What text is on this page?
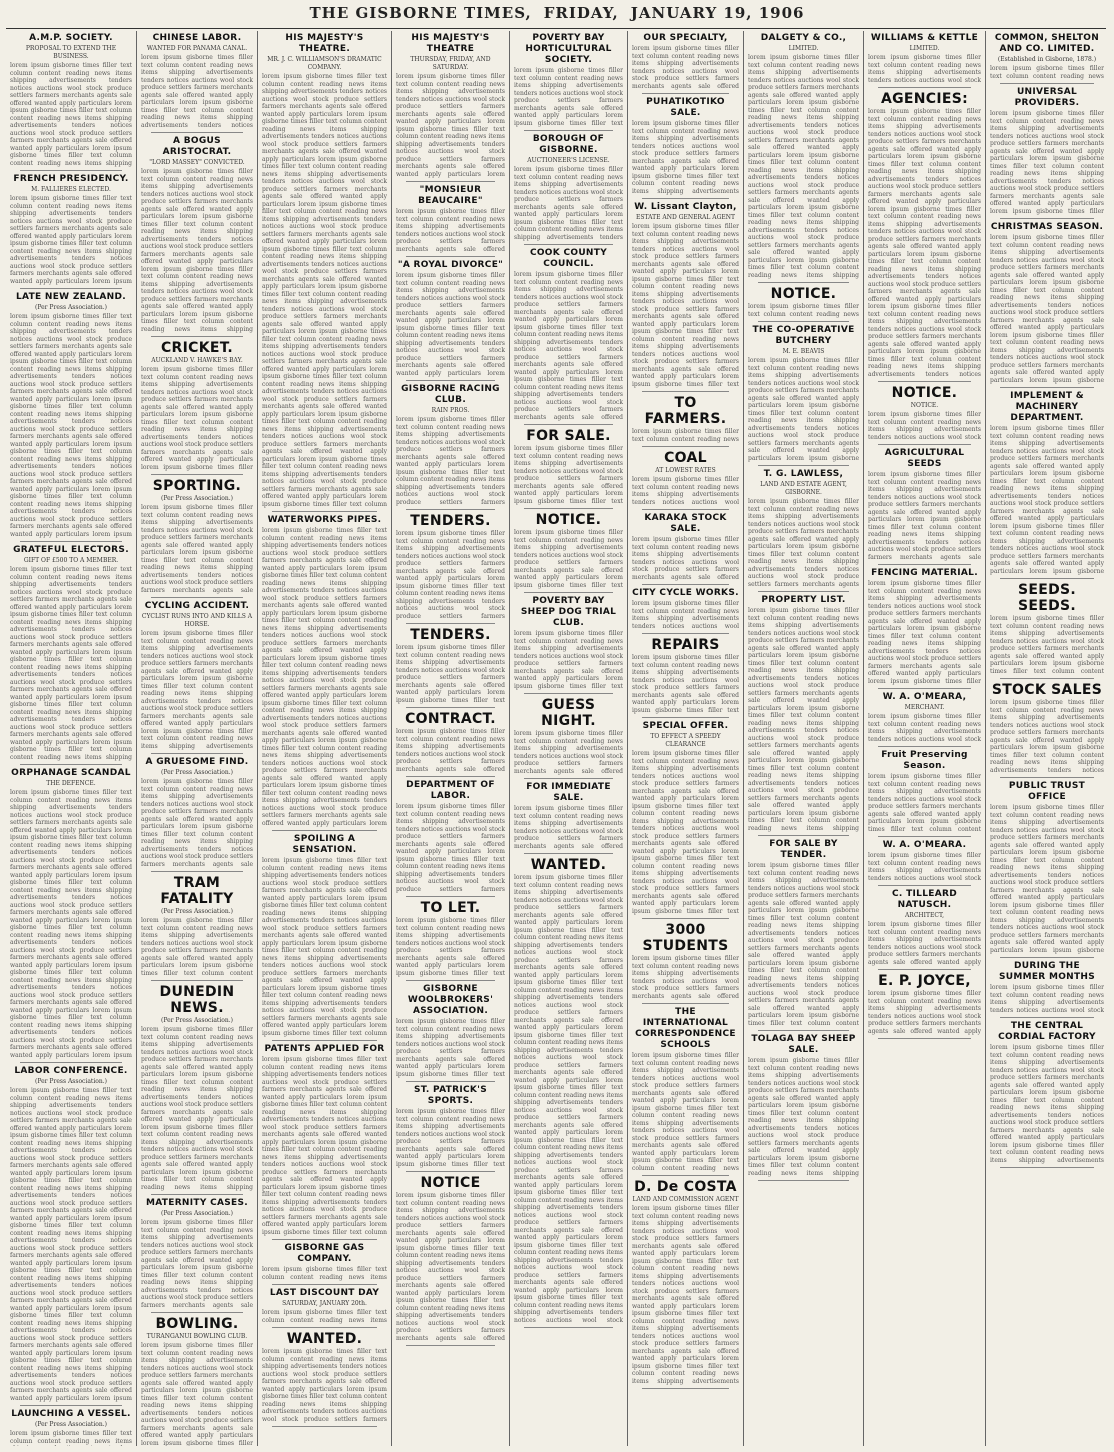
THE GISBORNE TIMES, FRIDAY, JANUARY 19, 1906
A.M.P. SOCIETY.
PROPOSAL TO EXTEND THE BUSINESS.
lorem ipsum gisborne times filler text column content reading news items shipping advertisements tenders notices auctions wool stock produce settlers farmers merchants agents sale offered wanted apply particulars lorem ipsum gisborne times filler text column content reading news items shipping advertisements tenders notices auctions wool stock produce settlers farmers merchants agents sale offered wanted apply particulars lorem ipsum gisborne times filler text column content reading news items shipping
FRENCH PRESIDENCY.
M. FALLIERES ELECTED.
lorem ipsum gisborne times filler text column content reading news items shipping advertisements tenders notices auctions wool stock produce settlers farmers merchants agents sale offered wanted apply particulars lorem ipsum gisborne times filler text column content reading news items shipping advertisements tenders notices auctions wool stock produce settlers farmers merchants agents sale offered wanted apply particulars lorem ipsum
LATE NEW ZEALAND.
(Per Press Association.)
lorem ipsum gisborne times filler text column content reading news items shipping advertisements tenders notices auctions wool stock produce settlers farmers merchants agents sale offered wanted apply particulars lorem ipsum gisborne times filler text column content reading news items shipping advertisements tenders notices auctions wool stock produce settlers farmers merchants agents sale offered wanted apply particulars lorem ipsum gisborne times filler text column content reading news items shipping advertisements tenders notices auctions wool stock produce settlers farmers merchants agents sale offered wanted apply particulars lorem ipsum gisborne times filler text column content reading news items shipping advertisements tenders notices auctions wool stock produce settlers farmers merchants agents sale offered wanted apply particulars lorem ipsum gisborne times filler text column content reading news items shipping advertisements tenders notices auctions wool stock produce settlers farmers merchants agents sale offered wanted apply particulars lorem ipsum
GRATEFUL ELECTORS.
GIFT OF £500 TO A MEMBER.
lorem ipsum gisborne times filler text column content reading news items shipping advertisements tenders notices auctions wool stock produce settlers farmers merchants agents sale offered wanted apply particulars lorem ipsum gisborne times filler text column content reading news items shipping advertisements tenders notices auctions wool stock produce settlers farmers merchants agents sale offered wanted apply particulars lorem ipsum gisborne times filler text column content reading news items shipping advertisements tenders notices auctions wool stock produce settlers farmers merchants agents sale offered wanted apply particulars lorem ipsum gisborne times filler text column content reading news items shipping advertisements tenders notices auctions wool stock produce settlers farmers merchants agents sale offered wanted apply particulars lorem ipsum gisborne times filler text column content reading news items shipping
ORPHANAGE SCANDAL
THE DEFENCE.
lorem ipsum gisborne times filler text column content reading news items shipping advertisements tenders notices auctions wool stock produce settlers farmers merchants agents sale offered wanted apply particulars lorem ipsum gisborne times filler text column content reading news items shipping advertisements tenders notices auctions wool stock produce settlers farmers merchants agents sale offered wanted apply particulars lorem ipsum gisborne times filler text column content reading news items shipping advertisements tenders notices auctions wool stock produce settlers farmers merchants agents sale offered wanted apply particulars lorem ipsum gisborne times filler text column content reading news items shipping advertisements tenders notices auctions wool stock produce settlers farmers merchants agents sale offered wanted apply particulars lorem ipsum gisborne times filler text column content reading news items shipping advertisements tenders notices auctions wool stock produce settlers farmers merchants agents sale offered wanted apply particulars lorem ipsum gisborne times filler text column content reading news items shipping advertisements tenders notices auctions wool stock produce settlers farmers merchants agents sale offered wanted apply particulars lorem ipsum
LABOR CONFERENCE.
(Per Press Association.)
lorem ipsum gisborne times filler text column content reading news items shipping advertisements tenders notices auctions wool stock produce settlers farmers merchants agents sale offered wanted apply particulars lorem ipsum gisborne times filler text column content reading news items shipping advertisements tenders notices auctions wool stock produce settlers farmers merchants agents sale offered wanted apply particulars lorem ipsum gisborne times filler text column content reading news items shipping advertisements tenders notices auctions wool stock produce settlers farmers merchants agents sale offered wanted apply particulars lorem ipsum gisborne times filler text column content reading news items shipping advertisements tenders notices auctions wool stock produce settlers farmers merchants agents sale offered wanted apply particulars lorem ipsum gisborne times filler text column content reading news items shipping advertisements tenders notices auctions wool stock produce settlers farmers merchants agents sale offered wanted apply particulars lorem ipsum gisborne times filler text column content reading news items shipping advertisements tenders notices auctions wool stock produce settlers farmers merchants agents sale offered wanted apply particulars lorem ipsum gisborne times filler text column content reading news items shipping advertisements tenders notices auctions wool stock produce settlers farmers merchants agents sale offered wanted apply particulars lorem ipsum
LAUNCHING A VESSEL.
(Per Press Association.)
lorem ipsum gisborne times filler text column content reading news items
CHINESE LABOR.
WANTED FOR PANAMA CANAL.
lorem ipsum gisborne times filler text column content reading news items shipping advertisements tenders notices auctions wool stock produce settlers farmers merchants agents sale offered wanted apply particulars lorem ipsum gisborne times filler text column content reading news items shipping advertisements tenders notices
A BOGUS ARISTOCRAT.
"LORD MASSEY" CONVICTED.
lorem ipsum gisborne times filler text column content reading news items shipping advertisements tenders notices auctions wool stock produce settlers farmers merchants agents sale offered wanted apply particulars lorem ipsum gisborne times filler text column content reading news items shipping advertisements tenders notices auctions wool stock produce settlers farmers merchants agents sale offered wanted apply particulars lorem ipsum gisborne times filler text column content reading news items shipping advertisements tenders notices auctions wool stock produce settlers farmers merchants agents sale offered wanted apply particulars lorem ipsum gisborne times filler text column content reading news items shipping
CRICKET.
AUCKLAND V. HAWKE'S BAY.
lorem ipsum gisborne times filler text column content reading news items shipping advertisements tenders notices auctions wool stock produce settlers farmers merchants agents sale offered wanted apply particulars lorem ipsum gisborne times filler text column content reading news items shipping advertisements tenders notices auctions wool stock produce settlers farmers merchants agents sale offered wanted apply particulars lorem ipsum gisborne times filler
SPORTING.
(Per Press Association.)
lorem ipsum gisborne times filler text column content reading news items shipping advertisements tenders notices auctions wool stock produce settlers farmers merchants agents sale offered wanted apply particulars lorem ipsum gisborne times filler text column content reading news items shipping advertisements tenders notices auctions wool stock produce settlers farmers merchants agents sale
CYCLING ACCIDENT.
CYCLIST RUNS INTO AND KILLS A HORSE.
lorem ipsum gisborne times filler text column content reading news items shipping advertisements tenders notices auctions wool stock produce settlers farmers merchants agents sale offered wanted apply particulars lorem ipsum gisborne times filler text column content reading news items shipping advertisements tenders notices auctions wool stock produce settlers farmers merchants agents sale offered wanted apply particulars lorem ipsum gisborne times filler text column content reading news items shipping advertisements
A GRUESOME FIND.
(Per Press Association.)
lorem ipsum gisborne times filler text column content reading news items shipping advertisements tenders notices auctions wool stock produce settlers farmers merchants agents sale offered wanted apply particulars lorem ipsum gisborne times filler text column content reading news items shipping advertisements tenders notices auctions wool stock produce settlers farmers merchants agents sale
TRAM FATALITY
(Per Press Association.)
lorem ipsum gisborne times filler text column content reading news items shipping advertisements tenders notices auctions wool stock produce settlers farmers merchants agents sale offered wanted apply particulars lorem ipsum gisborne times filler text column content
DUNEDIN NEWS.
(Per Press Association.)
lorem ipsum gisborne times filler text column content reading news items shipping advertisements tenders notices auctions wool stock produce settlers farmers merchants agents sale offered wanted apply particulars lorem ipsum gisborne times filler text column content reading news items shipping advertisements tenders notices auctions wool stock produce settlers farmers merchants agents sale offered wanted apply particulars lorem ipsum gisborne times filler text column content reading news items shipping advertisements tenders notices auctions wool stock produce settlers farmers merchants agents sale offered wanted apply particulars lorem ipsum gisborne times filler text column content reading news items shipping
MATERNITY CASES.
(Per Press Association.)
lorem ipsum gisborne times filler text column content reading news items shipping advertisements tenders notices auctions wool stock produce settlers farmers merchants agents sale offered wanted apply particulars lorem ipsum gisborne times filler text column content reading news items shipping advertisements tenders notices auctions wool stock produce settlers farmers merchants agents sale
BOWLING.
TURANGANUI BOWLING CLUB.
lorem ipsum gisborne times filler text column content reading news items shipping advertisements tenders notices auctions wool stock produce settlers farmers merchants agents sale offered wanted apply particulars lorem ipsum gisborne times filler text column content reading news items shipping advertisements tenders notices auctions wool stock produce settlers farmers merchants agents sale offered wanted apply particulars lorem ipsum gisborne times filler
HIS MAJESTY'S THEATRE.
MR. J. C. WILLIAMSON'S DRAMATIC COMPANY.
lorem ipsum gisborne times filler text column content reading news items shipping advertisements tenders notices auctions wool stock produce settlers farmers merchants agents sale offered wanted apply particulars lorem ipsum gisborne times filler text column content reading news items shipping advertisements tenders notices auctions wool stock produce settlers farmers merchants agents sale offered wanted apply particulars lorem ipsum gisborne times filler text column content reading news items shipping advertisements tenders notices auctions wool stock produce settlers farmers merchants agents sale offered wanted apply particulars lorem ipsum gisborne times filler text column content reading news items shipping advertisements tenders notices auctions wool stock produce settlers farmers merchants agents sale offered wanted apply particulars lorem ipsum gisborne times filler text column content reading news items shipping advertisements tenders notices auctions wool stock produce settlers farmers merchants agents sale offered wanted apply particulars lorem ipsum gisborne times filler text column content reading news items shipping advertisements tenders notices auctions wool stock produce settlers farmers merchants agents sale offered wanted apply particulars lorem ipsum gisborne times filler text column content reading news items shipping advertisements tenders notices auctions wool stock produce settlers farmers merchants agents sale offered wanted apply particulars lorem ipsum gisborne times filler text column content reading news items shipping advertisements tenders notices auctions wool stock produce settlers farmers merchants agents sale offered wanted apply particulars lorem ipsum gisborne times filler text column content reading news items shipping advertisements tenders notices auctions wool stock produce settlers farmers merchants agents sale offered wanted apply particulars lorem ipsum gisborne times filler text column content reading news items shipping advertisements tenders notices auctions wool stock produce settlers farmers merchants agents sale offered wanted apply particulars lorem ipsum gisborne times filler text column
WATERWORKS PIPES.
lorem ipsum gisborne times filler text column content reading news items shipping advertisements tenders notices auctions wool stock produce settlers farmers merchants agents sale offered wanted apply particulars lorem ipsum gisborne times filler text column content reading news items shipping advertisements tenders notices auctions wool stock produce settlers farmers merchants agents sale offered wanted apply particulars lorem ipsum gisborne times filler text column content reading news items shipping advertisements tenders notices auctions wool stock produce settlers farmers merchants agents sale offered wanted apply particulars lorem ipsum gisborne times filler text column content reading news items shipping advertisements tenders notices auctions wool stock produce settlers farmers merchants agents sale offered wanted apply particulars lorem ipsum gisborne times filler text column content reading news items shipping advertisements tenders notices auctions wool stock produce settlers farmers merchants agents sale offered wanted apply particulars lorem ipsum gisborne times filler text column content reading news items shipping advertisements tenders notices auctions wool stock produce settlers farmers merchants agents sale offered wanted apply particulars lorem ipsum gisborne times filler text column content reading news items shipping advertisements tenders notices auctions wool stock produce settlers farmers merchants agents sale offered wanted apply particulars lorem
SPOILING A SENSATION.
lorem ipsum gisborne times filler text column content reading news items shipping advertisements tenders notices auctions wool stock produce settlers farmers merchants agents sale offered wanted apply particulars lorem ipsum gisborne times filler text column content reading news items shipping advertisements tenders notices auctions wool stock produce settlers farmers merchants agents sale offered wanted apply particulars lorem ipsum gisborne times filler text column content reading news items shipping advertisements tenders notices auctions wool stock produce settlers farmers merchants agents sale offered wanted apply particulars lorem ipsum gisborne times filler text column content reading news items shipping advertisements tenders notices auctions wool stock produce settlers farmers merchants agents sale offered wanted apply particulars lorem ipsum gisborne times filler text column
PATENTS APPLIED FOR
lorem ipsum gisborne times filler text column content reading news items shipping advertisements tenders notices auctions wool stock produce settlers farmers merchants agents sale offered wanted apply particulars lorem ipsum gisborne times filler text column content reading news items shipping advertisements tenders notices auctions wool stock produce settlers farmers merchants agents sale offered wanted apply particulars lorem ipsum gisborne times filler text column content reading news items shipping advertisements tenders notices auctions wool stock produce settlers farmers merchants agents sale offered wanted apply particulars lorem ipsum gisborne times filler text column content reading news items shipping advertisements tenders notices auctions wool stock produce settlers farmers merchants agents sale offered wanted apply particulars lorem ipsum gisborne times filler text column
GISBORNE GAS COMPANY.
lorem ipsum gisborne times filler text column content reading news items
LAST DISCOUNT DAY
SATURDAY, JANUARY 20th.
lorem ipsum gisborne times filler text column content reading news items
WANTED.
lorem ipsum gisborne times filler text column content reading news items shipping advertisements tenders notices auctions wool stock produce settlers farmers merchants agents sale offered wanted apply particulars lorem ipsum gisborne times filler text column content reading news items shipping advertisements tenders notices auctions wool stock produce settlers farmers
HIS MAJESTY'S THEATRE
THURSDAY, FRIDAY, AND SATURDAY.
lorem ipsum gisborne times filler text column content reading news items shipping advertisements tenders notices auctions wool stock produce settlers farmers merchants agents sale offered wanted apply particulars lorem ipsum gisborne times filler text column content reading news items shipping advertisements tenders notices auctions wool stock produce settlers farmers merchants agents sale offered wanted apply particulars lorem
"MONSIEUR BEAUCAIRE"
lorem ipsum gisborne times filler text column content reading news items shipping advertisements tenders notices auctions wool stock produce settlers farmers merchants agents sale offered
"A ROYAL DIVORCE"
lorem ipsum gisborne times filler text column content reading news items shipping advertisements tenders notices auctions wool stock produce settlers farmers merchants agents sale offered wanted apply particulars lorem ipsum gisborne times filler text column content reading news items shipping advertisements tenders notices auctions wool stock produce settlers farmers merchants agents sale offered wanted apply particulars lorem
GISBORNE RACING CLUB.
RAIN PROS.
lorem ipsum gisborne times filler text column content reading news items shipping advertisements tenders notices auctions wool stock produce settlers farmers merchants agents sale offered wanted apply particulars lorem ipsum gisborne times filler text column content reading news items shipping advertisements tenders notices auctions wool stock produce settlers farmers
TENDERS.
lorem ipsum gisborne times filler text column content reading news items shipping advertisements tenders notices auctions wool stock produce settlers farmers merchants agents sale offered wanted apply particulars lorem ipsum gisborne times filler text column content reading news items shipping advertisements tenders notices auctions wool stock produce settlers farmers
TENDERS.
lorem ipsum gisborne times filler text column content reading news items shipping advertisements tenders notices auctions wool stock produce settlers farmers merchants agents sale offered wanted apply particulars lorem ipsum gisborne times filler text
CONTRACT.
lorem ipsum gisborne times filler text column content reading news items shipping advertisements tenders notices auctions wool stock produce settlers farmers merchants agents sale offered
DEPARTMENT OF LABOR.
lorem ipsum gisborne times filler text column content reading news items shipping advertisements tenders notices auctions wool stock produce settlers farmers merchants agents sale offered wanted apply particulars lorem ipsum gisborne times filler text column content reading news items shipping advertisements tenders notices auctions wool stock produce settlers farmers
TO LET.
lorem ipsum gisborne times filler text column content reading news items shipping advertisements tenders notices auctions wool stock produce settlers farmers merchants agents sale offered wanted apply particulars lorem ipsum gisborne times filler text
GISBORNE WOOLBROKERS' ASSOCIATION.
lorem ipsum gisborne times filler text column content reading news items shipping advertisements tenders notices auctions wool stock produce settlers farmers merchants agents sale offered wanted apply particulars lorem ipsum gisborne times filler text
ST. PATRICK'S SPORTS.
lorem ipsum gisborne times filler text column content reading news items shipping advertisements tenders notices auctions wool stock produce settlers farmers merchants agents sale offered wanted apply particulars lorem ipsum gisborne times filler text
NOTICE
lorem ipsum gisborne times filler text column content reading news items shipping advertisements tenders notices auctions wool stock produce settlers farmers merchants agents sale offered wanted apply particulars lorem ipsum gisborne times filler text column content reading news items shipping advertisements tenders notices auctions wool stock produce settlers farmers merchants agents sale offered wanted apply particulars lorem ipsum gisborne times filler text column content reading news items shipping advertisements tenders notices auctions wool stock produce settlers farmers merchants agents sale offered
POVERTY BAY HORTICULTURAL SOCIETY.
lorem ipsum gisborne times filler text column content reading news items shipping advertisements tenders notices auctions wool stock produce settlers farmers merchants agents sale offered wanted apply particulars lorem ipsum gisborne times filler text
BOROUGH OF GISBORNE.
AUCTIONEER'S LICENSE.
lorem ipsum gisborne times filler text column content reading news items shipping advertisements tenders notices auctions wool stock produce settlers farmers merchants agents sale offered wanted apply particulars lorem ipsum gisborne times filler text column content reading news items shipping advertisements tenders
COOK COUNTY COUNCIL.
lorem ipsum gisborne times filler text column content reading news items shipping advertisements tenders notices auctions wool stock produce settlers farmers merchants agents sale offered wanted apply particulars lorem ipsum gisborne times filler text column content reading news items shipping advertisements tenders notices auctions wool stock produce settlers farmers merchants agents sale offered wanted apply particulars lorem ipsum gisborne times filler text column content reading news items shipping advertisements tenders notices auctions wool stock produce settlers farmers merchants agents sale offered
FOR SALE.
lorem ipsum gisborne times filler text column content reading news items shipping advertisements tenders notices auctions wool stock produce settlers farmers merchants agents sale offered wanted apply particulars lorem ipsum gisborne times filler text
NOTICE.
lorem ipsum gisborne times filler text column content reading news items shipping advertisements tenders notices auctions wool stock produce settlers farmers merchants agents sale offered wanted apply particulars lorem ipsum gisborne times filler text
POVERTY BAY SHEEP DOG TRIAL CLUB.
lorem ipsum gisborne times filler text column content reading news items shipping advertisements tenders notices auctions wool stock produce settlers farmers merchants agents sale offered wanted apply particulars lorem ipsum gisborne times filler text
GUESS NIGHT.
lorem ipsum gisborne times filler text column content reading news items shipping advertisements tenders notices auctions wool stock produce settlers farmers merchants agents sale offered
FOR IMMEDIATE SALE.
lorem ipsum gisborne times filler text column content reading news items shipping advertisements tenders notices auctions wool stock produce settlers farmers merchants agents sale offered
WANTED.
lorem ipsum gisborne times filler text column content reading news items shipping advertisements tenders notices auctions wool stock produce settlers farmers merchants agents sale offered wanted apply particulars lorem ipsum gisborne times filler text column content reading news items shipping advertisements tenders notices auctions wool stock produce settlers farmers merchants agents sale offered wanted apply particulars lorem ipsum gisborne times filler text column content reading news items shipping advertisements tenders notices auctions wool stock produce settlers farmers merchants agents sale offered wanted apply particulars lorem ipsum gisborne times filler text column content reading news items shipping advertisements tenders notices auctions wool stock produce settlers farmers merchants agents sale offered wanted apply particulars lorem ipsum gisborne times filler text column content reading news items shipping advertisements tenders notices auctions wool stock produce settlers farmers merchants agents sale offered wanted apply particulars lorem ipsum gisborne times filler text column content reading news items shipping advertisements tenders notices auctions wool stock produce settlers farmers merchants agents sale offered wanted apply particulars lorem ipsum gisborne times filler text column content reading news items shipping advertisements tenders notices auctions wool stock produce settlers farmers merchants agents sale offered wanted apply particulars lorem ipsum gisborne times filler text column content reading news items shipping advertisements tenders notices auctions wool stock produce settlers farmers merchants agents sale offered wanted apply particulars lorem ipsum gisborne times filler text column content reading news items shipping advertisements tenders notices auctions wool stock
OUR SPECIALTY,
lorem ipsum gisborne times filler text column content reading news items shipping advertisements tenders notices auctions wool stock produce settlers farmers merchants agents sale offered
PUHATIKOTIKO SALE.
lorem ipsum gisborne times filler text column content reading news items shipping advertisements tenders notices auctions wool stock produce settlers farmers merchants agents sale offered wanted apply particulars lorem ipsum gisborne times filler text column content reading news items shipping advertisements
W. Lissant Clayton,
ESTATE AND GENERAL AGENT
lorem ipsum gisborne times filler text column content reading news items shipping advertisements tenders notices auctions wool stock produce settlers farmers merchants agents sale offered wanted apply particulars lorem ipsum gisborne times filler text column content reading news items shipping advertisements tenders notices auctions wool stock produce settlers farmers merchants agents sale offered wanted apply particulars lorem ipsum gisborne times filler text column content reading news items shipping advertisements tenders notices auctions wool stock produce settlers farmers merchants agents sale offered wanted apply particulars lorem ipsum gisborne times filler text
TO FARMERS.
lorem ipsum gisborne times filler text column content reading news
COAL
AT LOWEST RATES
lorem ipsum gisborne times filler text column content reading news items shipping advertisements tenders notices auctions wool
KARAKA STOCK SALE.
lorem ipsum gisborne times filler text column content reading news items shipping advertisements tenders notices auctions wool stock produce settlers farmers merchants agents sale offered
CITY CYCLE WORKS.
lorem ipsum gisborne times filler text column content reading news items shipping advertisements tenders notices auctions wool
REPAIRS
lorem ipsum gisborne times filler text column content reading news items shipping advertisements tenders notices auctions wool stock produce settlers farmers merchants agents sale offered wanted apply particulars lorem ipsum gisborne times filler text
SPECIAL OFFER.
TO EFFECT A SPEEDY CLEARANCE
lorem ipsum gisborne times filler text column content reading news items shipping advertisements tenders notices auctions wool stock produce settlers farmers merchants agents sale offered wanted apply particulars lorem ipsum gisborne times filler text column content reading news items shipping advertisements tenders notices auctions wool stock produce settlers farmers merchants agents sale offered wanted apply particulars lorem ipsum gisborne times filler text column content reading news items shipping advertisements tenders notices auctions wool stock produce settlers farmers merchants agents sale offered wanted apply particulars lorem ipsum gisborne times filler text
3000 STUDENTS
lorem ipsum gisborne times filler text column content reading news items shipping advertisements tenders notices auctions wool stock produce settlers farmers merchants agents sale offered
THE INTERNATIONAL CORRESPONDENCE SCHOOLS
lorem ipsum gisborne times filler text column content reading news items shipping advertisements tenders notices auctions wool stock produce settlers farmers merchants agents sale offered wanted apply particulars lorem ipsum gisborne times filler text column content reading news items shipping advertisements tenders notices auctions wool stock produce settlers farmers merchants agents sale offered wanted apply particulars lorem ipsum gisborne times filler text column content reading news
D. De COSTA
LAND AND COMMISSION AGENT
lorem ipsum gisborne times filler text column content reading news items shipping advertisements tenders notices auctions wool stock produce settlers farmers merchants agents sale offered wanted apply particulars lorem ipsum gisborne times filler text column content reading news items shipping advertisements tenders notices auctions wool stock produce settlers farmers merchants agents sale offered wanted apply particulars lorem ipsum gisborne times filler text column content reading news items shipping advertisements tenders notices auctions wool stock produce settlers farmers merchants agents sale offered wanted apply particulars lorem ipsum gisborne times filler text column content reading news items shipping advertisements
DALGETY & CO.,
LIMITED.
lorem ipsum gisborne times filler text column content reading news items shipping advertisements tenders notices auctions wool stock produce settlers farmers merchants agents sale offered wanted apply particulars lorem ipsum gisborne times filler text column content reading news items shipping advertisements tenders notices auctions wool stock produce settlers farmers merchants agents sale offered wanted apply particulars lorem ipsum gisborne times filler text column content reading news items shipping advertisements tenders notices auctions wool stock produce settlers farmers merchants agents sale offered wanted apply particulars lorem ipsum gisborne times filler text column content reading news items shipping advertisements tenders notices auctions wool stock produce settlers farmers merchants agents sale offered wanted apply particulars lorem ipsum gisborne times filler text column content reading news items shipping
NOTICE.
lorem ipsum gisborne times filler text column content reading news
THE CO-OPERATIVE BUTCHERY
M. E. BEAVIS
lorem ipsum gisborne times filler text column content reading news items shipping advertisements tenders notices auctions wool stock produce settlers farmers merchants agents sale offered wanted apply particulars lorem ipsum gisborne times filler text column content reading news items shipping advertisements tenders notices auctions wool stock produce settlers farmers merchants agents sale offered wanted apply particulars lorem ipsum gisborne
T. G. LAWLESS,
LAND AND ESTATE AGENT, GISBORNE.
lorem ipsum gisborne times filler text column content reading news items shipping advertisements tenders notices auctions wool stock produce settlers farmers merchants agents sale offered wanted apply particulars lorem ipsum gisborne times filler text column content reading news items shipping advertisements tenders notices auctions wool stock produce settlers farmers merchants agents
PROPERTY LIST.
lorem ipsum gisborne times filler text column content reading news items shipping advertisements tenders notices auctions wool stock produce settlers farmers merchants agents sale offered wanted apply particulars lorem ipsum gisborne times filler text column content reading news items shipping advertisements tenders notices auctions wool stock produce settlers farmers merchants agents sale offered wanted apply particulars lorem ipsum gisborne times filler text column content reading news items shipping advertisements tenders notices auctions wool stock produce settlers farmers merchants agents sale offered wanted apply particulars lorem ipsum gisborne times filler text column content reading news items shipping advertisements tenders notices auctions wool stock produce settlers farmers merchants agents sale offered wanted apply particulars lorem ipsum gisborne times filler text column content reading news items shipping
FOR SALE BY TENDER.
lorem ipsum gisborne times filler text column content reading news items shipping advertisements tenders notices auctions wool stock produce settlers farmers merchants agents sale offered wanted apply particulars lorem ipsum gisborne times filler text column content reading news items shipping advertisements tenders notices auctions wool stock produce settlers farmers merchants agents sale offered wanted apply particulars lorem ipsum gisborne times filler text column content reading news items shipping advertisements tenders notices auctions wool stock produce settlers farmers merchants agents sale offered wanted apply particulars lorem ipsum gisborne times filler text column content
TOLAGA BAY SHEEP SALE.
lorem ipsum gisborne times filler text column content reading news items shipping advertisements tenders notices auctions wool stock produce settlers farmers merchants agents sale offered wanted apply particulars lorem ipsum gisborne times filler text column content reading news items shipping advertisements tenders notices auctions wool stock produce settlers farmers merchants agents sale offered wanted apply particulars lorem ipsum gisborne times filler text column content reading news items shipping
WILLIAMS & KETTLE
LIMITED.
lorem ipsum gisborne times filler text column content reading news items shipping advertisements tenders notices auctions wool stock
AGENCIES:
lorem ipsum gisborne times filler text column content reading news items shipping advertisements tenders notices auctions wool stock produce settlers farmers merchants agents sale offered wanted apply particulars lorem ipsum gisborne times filler text column content reading news items shipping advertisements tenders notices auctions wool stock produce settlers farmers merchants agents sale offered wanted apply particulars lorem ipsum gisborne times filler text column content reading news items shipping advertisements tenders notices auctions wool stock produce settlers farmers merchants agents sale offered wanted apply particulars lorem ipsum gisborne times filler text column content reading news items shipping advertisements tenders notices auctions wool stock produce settlers farmers merchants agents sale offered wanted apply particulars lorem ipsum gisborne times filler text column content reading news items shipping advertisements tenders notices auctions wool stock produce settlers farmers merchants agents sale offered wanted apply particulars lorem ipsum gisborne times filler text column content reading news items shipping advertisements tenders notices
NOTICE.
NOTICE.
lorem ipsum gisborne times filler text column content reading news items shipping advertisements tenders notices auctions wool stock
AGRICULTURAL SEEDS
lorem ipsum gisborne times filler text column content reading news items shipping advertisements tenders notices auctions wool stock produce settlers farmers merchants agents sale offered wanted apply particulars lorem ipsum gisborne times filler text column content reading news items shipping advertisements tenders notices auctions wool stock produce settlers farmers merchants agents sale
FENCING MATERIAL.
lorem ipsum gisborne times filler text column content reading news items shipping advertisements tenders notices auctions wool stock produce settlers farmers merchants agents sale offered wanted apply particulars lorem ipsum gisborne times filler text column content reading news items shipping advertisements tenders notices auctions wool stock produce settlers farmers merchants agents sale offered wanted apply particulars lorem ipsum gisborne times filler
W. A. O'MEARA,
MERCHANT.
lorem ipsum gisborne times filler text column content reading news items shipping advertisements tenders notices auctions wool stock
Fruit Preserving Season.
lorem ipsum gisborne times filler text column content reading news items shipping advertisements tenders notices auctions wool stock produce settlers farmers merchants agents sale offered wanted apply particulars lorem ipsum gisborne times filler text column content
W. A. O'MEARA.
lorem ipsum gisborne times filler text column content reading news items shipping advertisements tenders notices auctions wool stock
C. TILLEARD NATUSCH.
ARCHITECT,
lorem ipsum gisborne times filler text column content reading news items shipping advertisements tenders notices auctions wool stock produce settlers farmers merchants agents sale offered wanted apply
E. P. JOYCE,
lorem ipsum gisborne times filler text column content reading news items shipping advertisements tenders notices auctions wool stock produce settlers farmers merchants agents sale offered wanted apply
COMMON, SHELTON AND CO. LIMITED.
(Established in Gisborne, 1878.)
lorem ipsum gisborne times filler text column content reading news
UNIVERSAL PROVIDERS.
lorem ipsum gisborne times filler text column content reading news items shipping advertisements tenders notices auctions wool stock produce settlers farmers merchants agents sale offered wanted apply particulars lorem ipsum gisborne times filler text column content reading news items shipping advertisements tenders notices auctions wool stock produce settlers farmers merchants agents sale offered wanted apply particulars lorem ipsum gisborne times filler
CHRISTMAS SEASON.
lorem ipsum gisborne times filler text column content reading news items shipping advertisements tenders notices auctions wool stock produce settlers farmers merchants agents sale offered wanted apply particulars lorem ipsum gisborne times filler text column content reading news items shipping advertisements tenders notices auctions wool stock produce settlers farmers merchants agents sale offered wanted apply particulars lorem ipsum gisborne times filler text column content reading news items shipping advertisements tenders notices auctions wool stock produce settlers farmers merchants agents sale offered wanted apply particulars lorem ipsum gisborne
IMPLEMENT & MACHINERY DEPARTMENT.
lorem ipsum gisborne times filler text column content reading news items shipping advertisements tenders notices auctions wool stock produce settlers farmers merchants agents sale offered wanted apply particulars lorem ipsum gisborne times filler text column content reading news items shipping advertisements tenders notices auctions wool stock produce settlers farmers merchants agents sale offered wanted apply particulars lorem ipsum gisborne times filler text column content reading news items shipping advertisements tenders notices auctions wool stock produce settlers farmers merchants agents sale offered wanted apply particulars lorem ipsum gisborne
SEEDS. SEEDS.
lorem ipsum gisborne times filler text column content reading news items shipping advertisements tenders notices auctions wool stock produce settlers farmers merchants agents sale offered wanted apply particulars lorem ipsum gisborne times filler text column content
STOCK SALES
lorem ipsum gisborne times filler text column content reading news items shipping advertisements tenders notices auctions wool stock produce settlers farmers merchants agents sale offered wanted apply particulars lorem ipsum gisborne times filler text column content reading news items shipping advertisements tenders notices
PUBLIC TRUST OFFICE
lorem ipsum gisborne times filler text column content reading news items shipping advertisements tenders notices auctions wool stock produce settlers farmers merchants agents sale offered wanted apply particulars lorem ipsum gisborne times filler text column content reading news items shipping advertisements tenders notices auctions wool stock produce settlers farmers merchants agents sale offered wanted apply particulars lorem ipsum gisborne times filler text column content reading news items shipping advertisements tenders notices auctions wool stock produce settlers farmers merchants agents sale offered wanted apply particulars lorem ipsum gisborne
DURING THE SUMMER MONTHS
lorem ipsum gisborne times filler text column content reading news items shipping advertisements tenders notices auctions wool stock
THE CENTRAL CORDIAL FACTORY
lorem ipsum gisborne times filler text column content reading news items shipping advertisements tenders notices auctions wool stock produce settlers farmers merchants agents sale offered wanted apply particulars lorem ipsum gisborne times filler text column content reading news items shipping advertisements tenders notices auctions wool stock produce settlers farmers merchants agents sale offered wanted apply particulars lorem ipsum gisborne times filler text column content reading news items shipping advertisements
